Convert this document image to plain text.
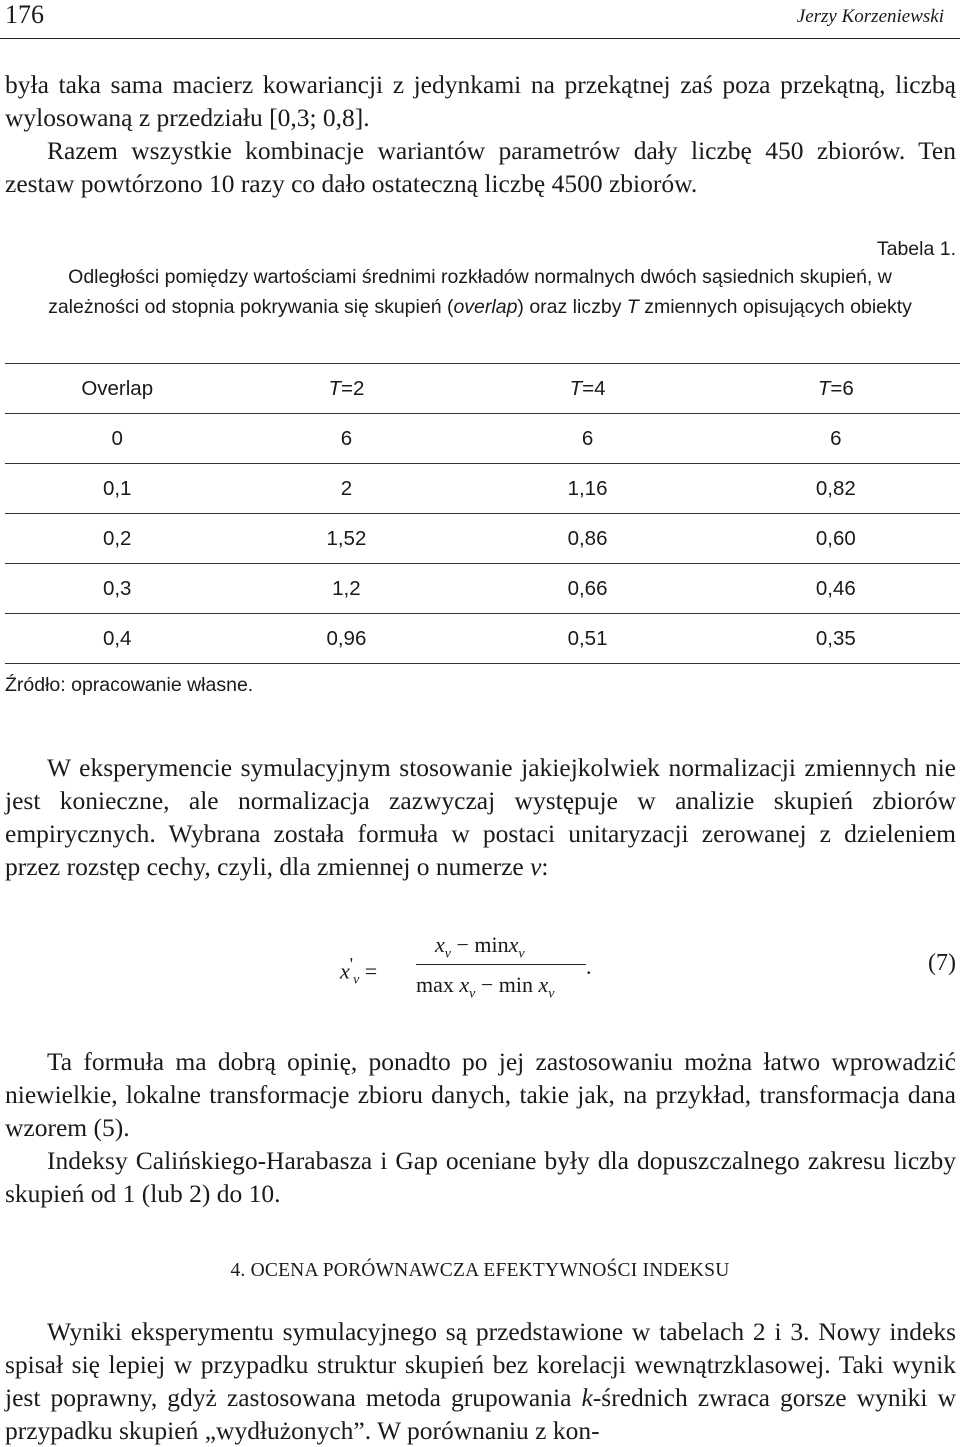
176	Jerzy Korzeniewski

była taka sama macierz kowariancji z jedynkami na przekątnej zaś poza przekątną, liczbą wylosowaną z przedziału [0,3; 0,8].

Razem wszystkie kombinacje wariantów parametrów dały liczbę 450 zbiorów. Ten zestaw powtórzono 10 razy co dało ostateczną liczbę 4500 zbiorów.

Tabela 1.
Odległości pomiędzy wartościami średnimi rozkładów normalnych dwóch sąsiednich skupień, w zależności od stopnia pokrywania się skupień (overlap) oraz liczby T zmiennych opisujących obiekty
Overlap	T=2	T=4	T=6
0	6	6	6
0,1	2	1,16	0,82
0,2	1,52	0,86	0,60
0,3	1,2	0,66	0,46
0,4	0,96	0,51	0,35
Źródło: opracowanie własne.

W eksperymencie symulacyjnym stosowanie jakiejkolwiek normalizacji zmiennych nie jest konieczne, ale normalizacja zazwyczaj występuje w analizie skupień zbiorów empirycznych. Wybrana została formuła w postaci unitaryzacji zerowanej z dzieleniem przez rozstęp cechy, czyli, dla zmiennej o numerze v:

$x'_v$ =
$x_v - \min x_v$
$\max x_v - \min x_v$
.	(7)

Ta formuła ma dobrą opinię, ponadto po jej zastosowaniu można łatwo wprowadzić niewielkie, lokalne transformacje zbioru danych, takie jak, na przykład, transformacja dana wzorem (5).

Indeksy Calińskiego-Harabasza i Gap oceniane były dla dopuszczalnego zakresu liczby skupień od 1 (lub 2) do 10.

4. OCENA PORÓWNAWCZA EFEKTYWNOŚCI INDEKSU

Wyniki eksperymentu symulacyjnego są przedstawione w tabelach 2 i 3. Nowy indeks spisał się lepiej w przypadku struktur skupień bez korelacji wewnątrzklasowej. Taki wynik jest poprawny, gdyż zastosowana metoda grupowania k-średnich zwraca gorsze wyniki w przypadku skupień „wydłużonych”. W porównaniu z kon-
